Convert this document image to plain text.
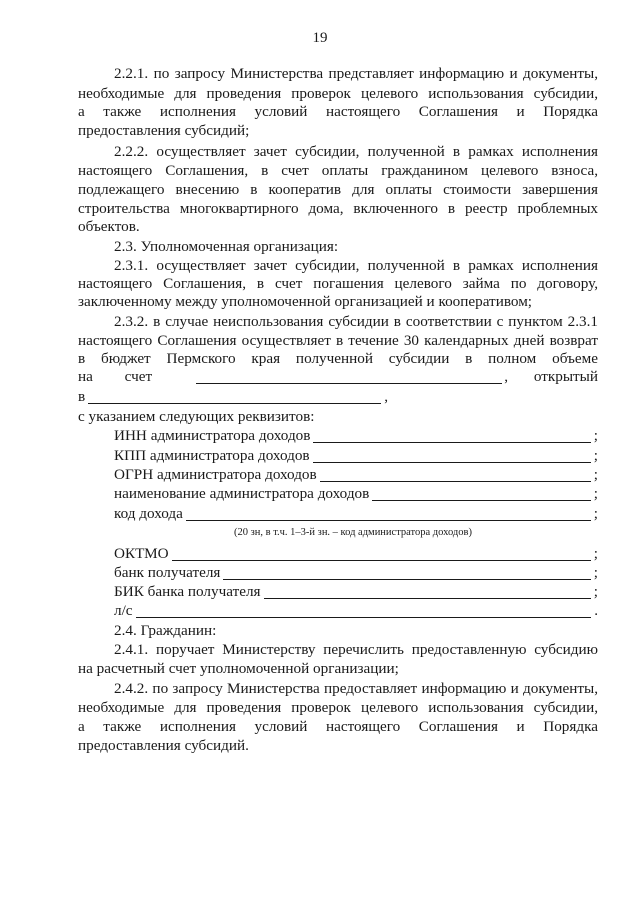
19
2.2.1. по запросу Министерства представляет информацию и документы,
необходимые для проведения проверок целевого использования субсидии,
а также исполнения условий настоящего Соглашения и Порядка
предоставления субсидий;
2.2.2. осуществляет зачет субсидии, полученной в рамках исполнения
настоящего Соглашения, в счет оплаты гражданином целевого взноса,
подлежащего внесению в кооператив для оплаты стоимости завершения
строительства многоквартирного дома, включенного в реестр проблемных
объектов.
2.3. Уполномоченная организация:
2.3.1. осуществляет зачет субсидии, полученной в рамках исполнения
настоящего Соглашения, в счет погашения целевого займа по договору,
заключенному между уполномоченной организацией и кооперативом;
2.3.2. в случае неиспользования субсидии в соответствии с пунктом 2.3.1
настоящего Соглашения осуществляет в течение 30 календарных дней возврат
в бюджет Пермского края полученной субсидии в полном объеме
на счет	, открытый
в	,
с указанием следующих реквизитов:
ИНН администратора доходов	;
КПП администратора доходов	;
ОГРН администратора доходов	;
наименование администратора доходов	;
код дохода	;
(20 зн, в т.ч. 1–3-й зн. – код администратора доходов)
ОКТМО	;
банк получателя	;
БИК банка получателя	;
л/с	.
2.4. Гражданин:
2.4.1. поручает Министерству перечислить предоставленную субсидию
на расчетный счет уполномоченной организации;
2.4.2. по запросу Министерства предоставляет информацию и документы,
необходимые для проведения проверок целевого использования субсидии,
а также исполнения условий настоящего Соглашения и Порядка
предоставления субсидий.
